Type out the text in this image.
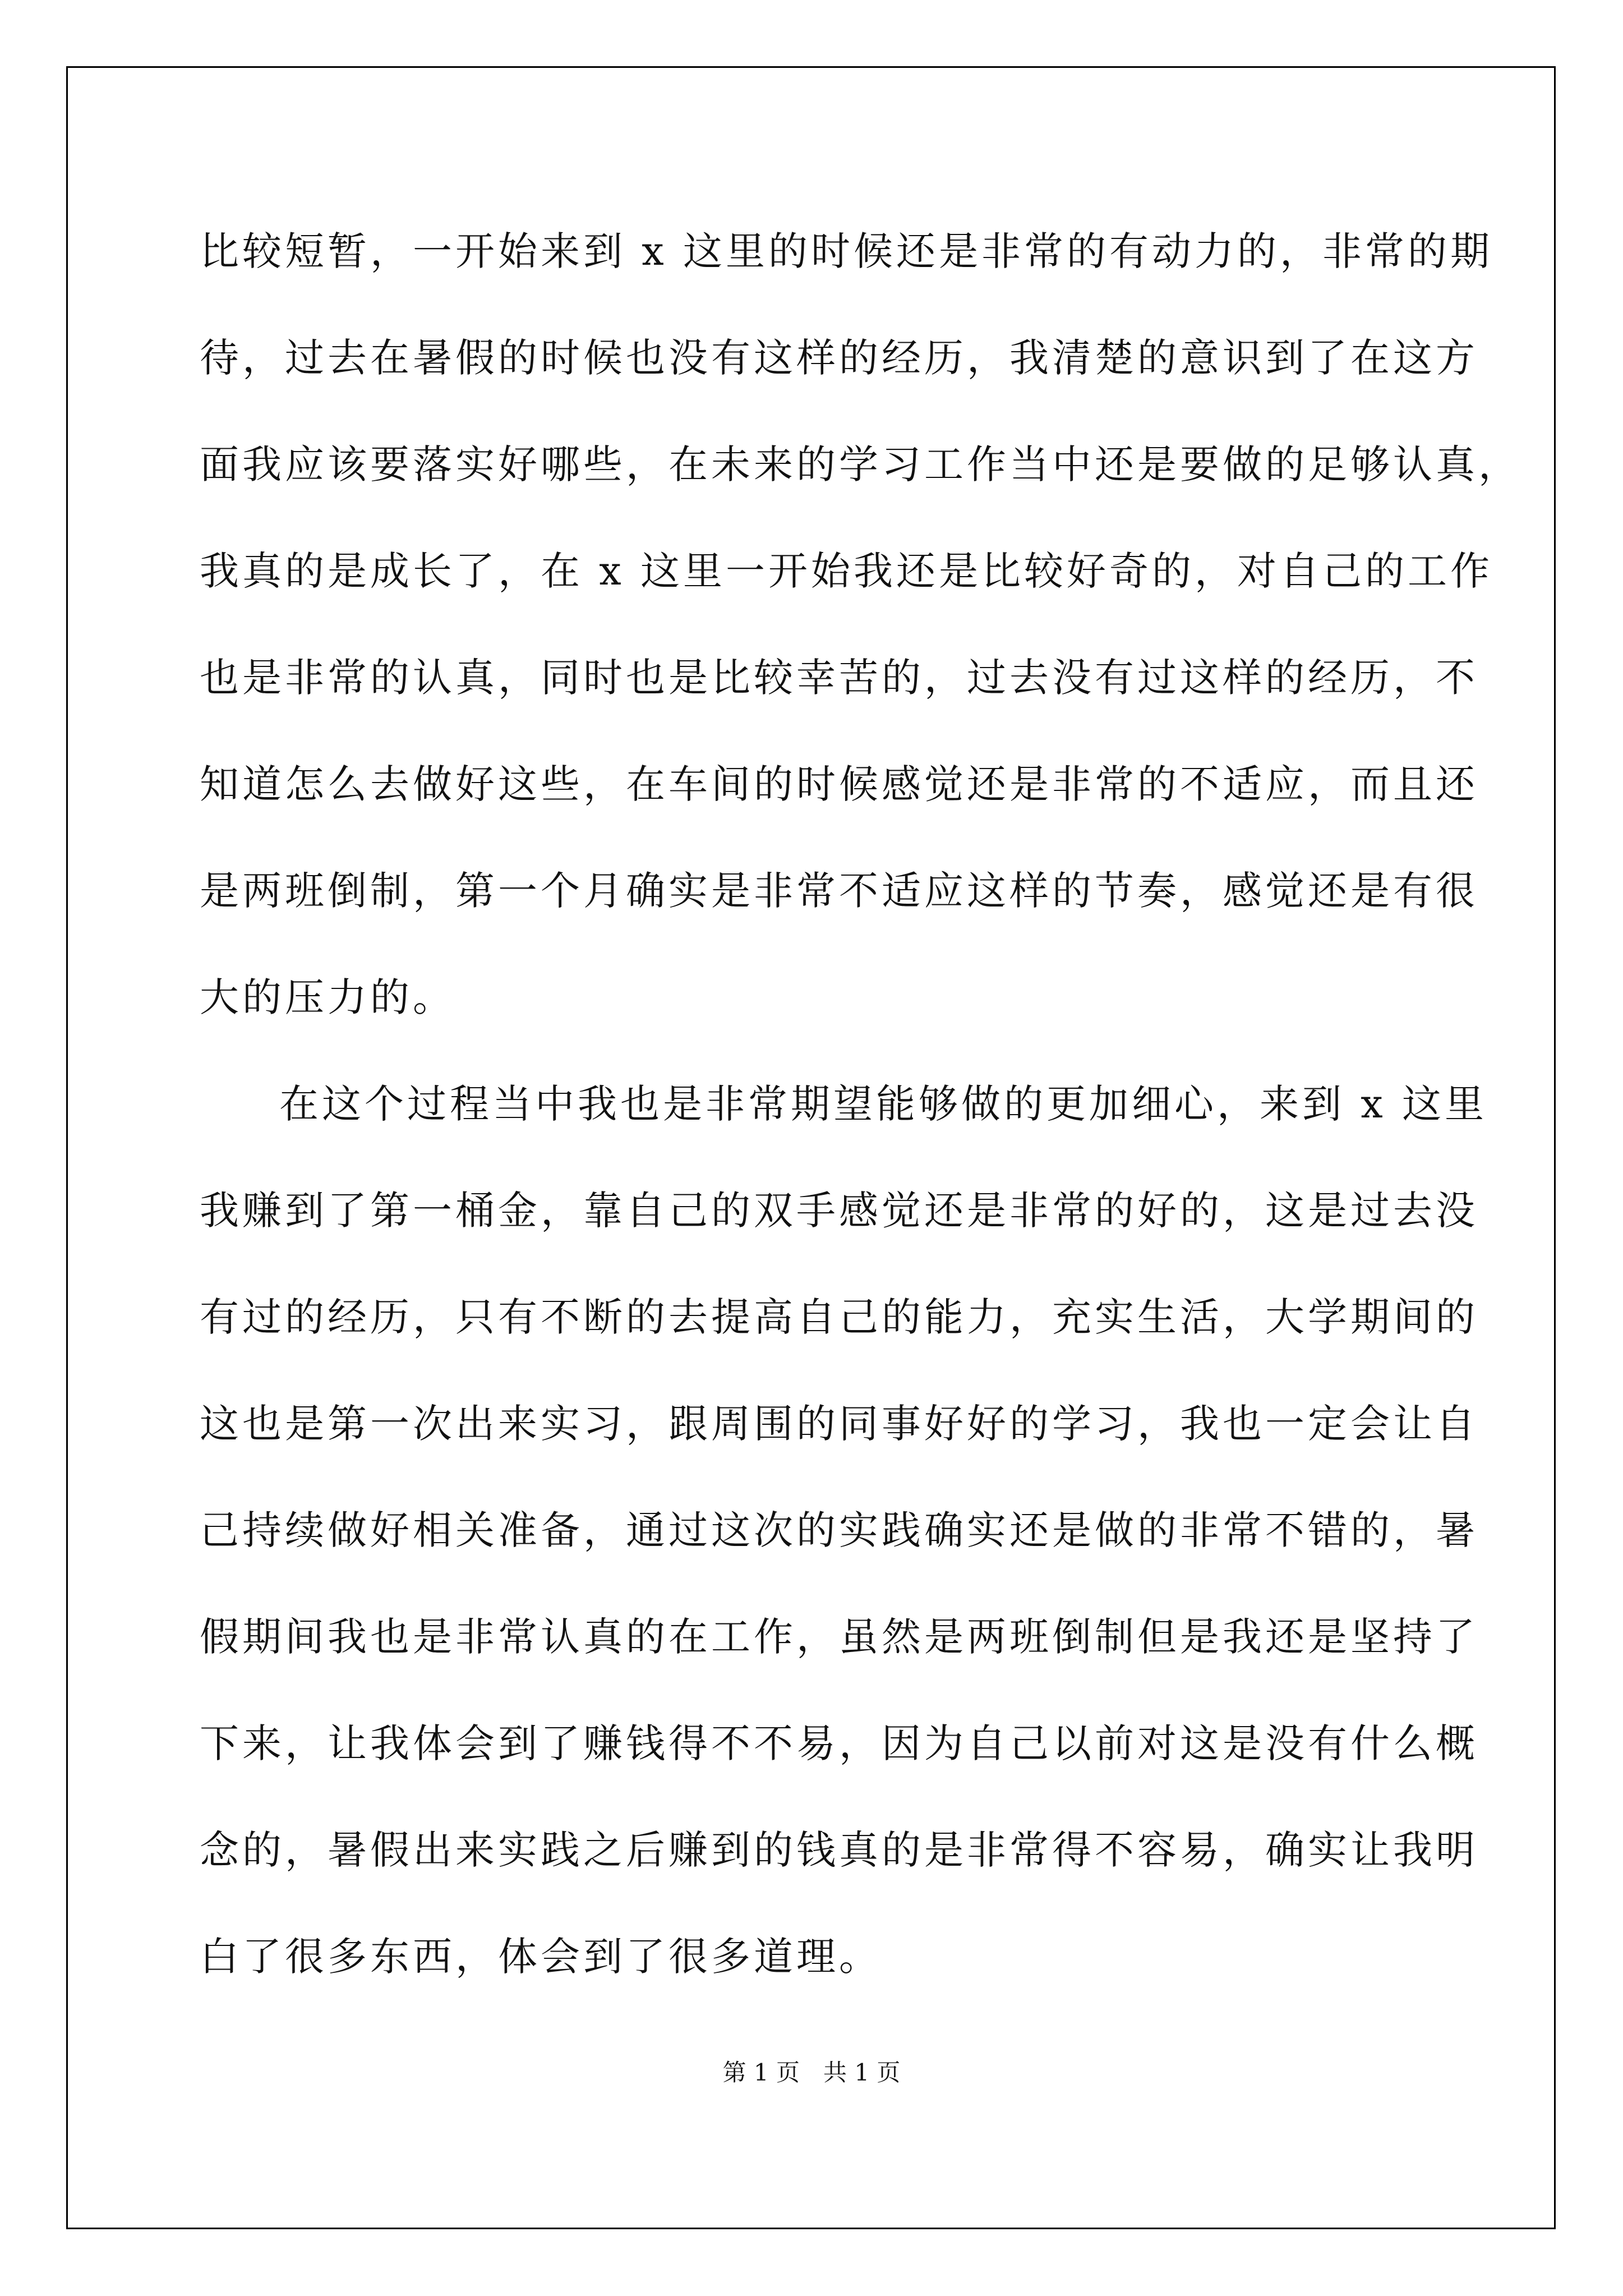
比较短暂，一开始来到 x 这里的时候还是非常的有动力的，非常的期
待，过去在暑假的时候也没有这样的经历，我清楚的意识到了在这方
面我应该要落实好哪些，在未来的学习工作当中还是要做的足够认真，
我真的是成长了，在 x 这里一开始我还是比较好奇的，对自己的工作
也是非常的认真，同时也是比较幸苦的，过去没有过这样的经历，不
知道怎么去做好这些，在车间的时候感觉还是非常的不适应，而且还
是两班倒制，第一个月确实是非常不适应这样的节奏，感觉还是有很
大的压力的。
在这个过程当中我也是非常期望能够做的更加细心，来到 x 这里
我赚到了第一桶金，靠自己的双手感觉还是非常的好的，这是过去没
有过的经历，只有不断的去提高自己的能力，充实生活，大学期间的
这也是第一次出来实习，跟周围的同事好好的学习，我也一定会让自
己持续做好相关准备，通过这次的实践确实还是做的非常不错的，暑
假期间我也是非常认真的在工作，虽然是两班倒制但是我还是坚持了
下来，让我体会到了赚钱得不不易，因为自己以前对这是没有什么概
念的，暑假出来实践之后赚到的钱真的是非常得不容易，确实让我明
白了很多东西，体会到了很多道理。
第 1 页　共 1 页
